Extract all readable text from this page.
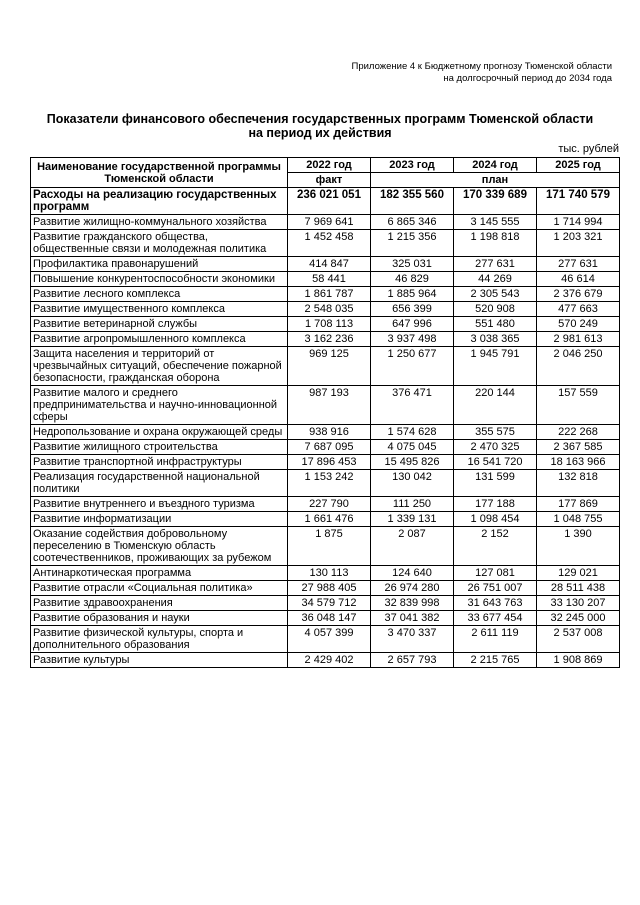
Приложение 4 к Бюджетному прогнозу Тюменской области
на долгосрочный период до 2034 года
Показатели финансового обеспечения государственных программ Тюменской области
на период их действия
тыс. рублей
Наименование государственной программы Тюменской области	2022 год	2023 год	2024 год	2025 год
	факт	план		
Расходы на реализацию государственных программ	236 021 051	182 355 560	170 339 689	171 740 579
Развитие жилищно-коммунального хозяйства	7 969 641	6 865 346	3 145 555	1 714 994
Развитие гражданского общества, общественные связи и молодежная политика	1 452 458	1 215 356	1 198 818	1 203 321
Профилактика правонарушений	414 847	325 031	277 631	277 631
Повышение конкурентоспособности экономики	58 441	46 829	44 269	46 614
Развитие лесного комплекса	1 861 787	1 885 964	2 305 543	2 376 679
Развитие имущественного комплекса	2 548 035	656 399	520 908	477 663
Развитие ветеринарной службы	1 708 113	647 996	551 480	570 249
Развитие агропромышленного комплекса	3 162 236	3 937 498	3 038 365	2 981 613
Защита населения и территорий от чрезвычайных ситуаций, обеспечение пожарной безопасности, гражданская оборона	969 125	1 250 677	1 945 791	2 046 250
Развитие малого и среднего предпринимательства и научно-инновационной сферы	987 193	376 471	220 144	157 559
Недропользование и охрана окружающей среды	938 916	1 574 628	355 575	222 268
Развитие жилищного строительства	7 687 095	4 075 045	2 470 325	2 367 585
Развитие транспортной инфраструктуры	17 896 453	15 495 826	16 541 720	18 163 966
Реализация государственной национальной политики	1 153 242	130 042	131 599	132 818
Развитие внутреннего и въездного туризма	227 790	111 250	177 188	177 869
Развитие информатизации	1 661 476	1 339 131	1 098 454	1 048 755
Оказание содействия добровольному переселению в Тюменскую область соотечественников, проживающих за рубежом	1 875	2 087	2 152	1 390
Антинаркотическая программа	130 113	124 640	127 081	129 021
Развитие отрасли «Социальная политика»	27 988 405	26 974 280	26 751 007	28 511 438
Развитие здравоохранения	34 579 712	32 839 998	31 643 763	33 130 207
Развитие образования и науки	36 048 147	37 041 382	33 677 454	32 245 000
Развитие физической культуры, спорта и дополнительного образования	4 057 399	3 470 337	2 611 119	2 537 008
Развитие культуры	2 429 402	2 657 793	2 215 765	1 908 869
